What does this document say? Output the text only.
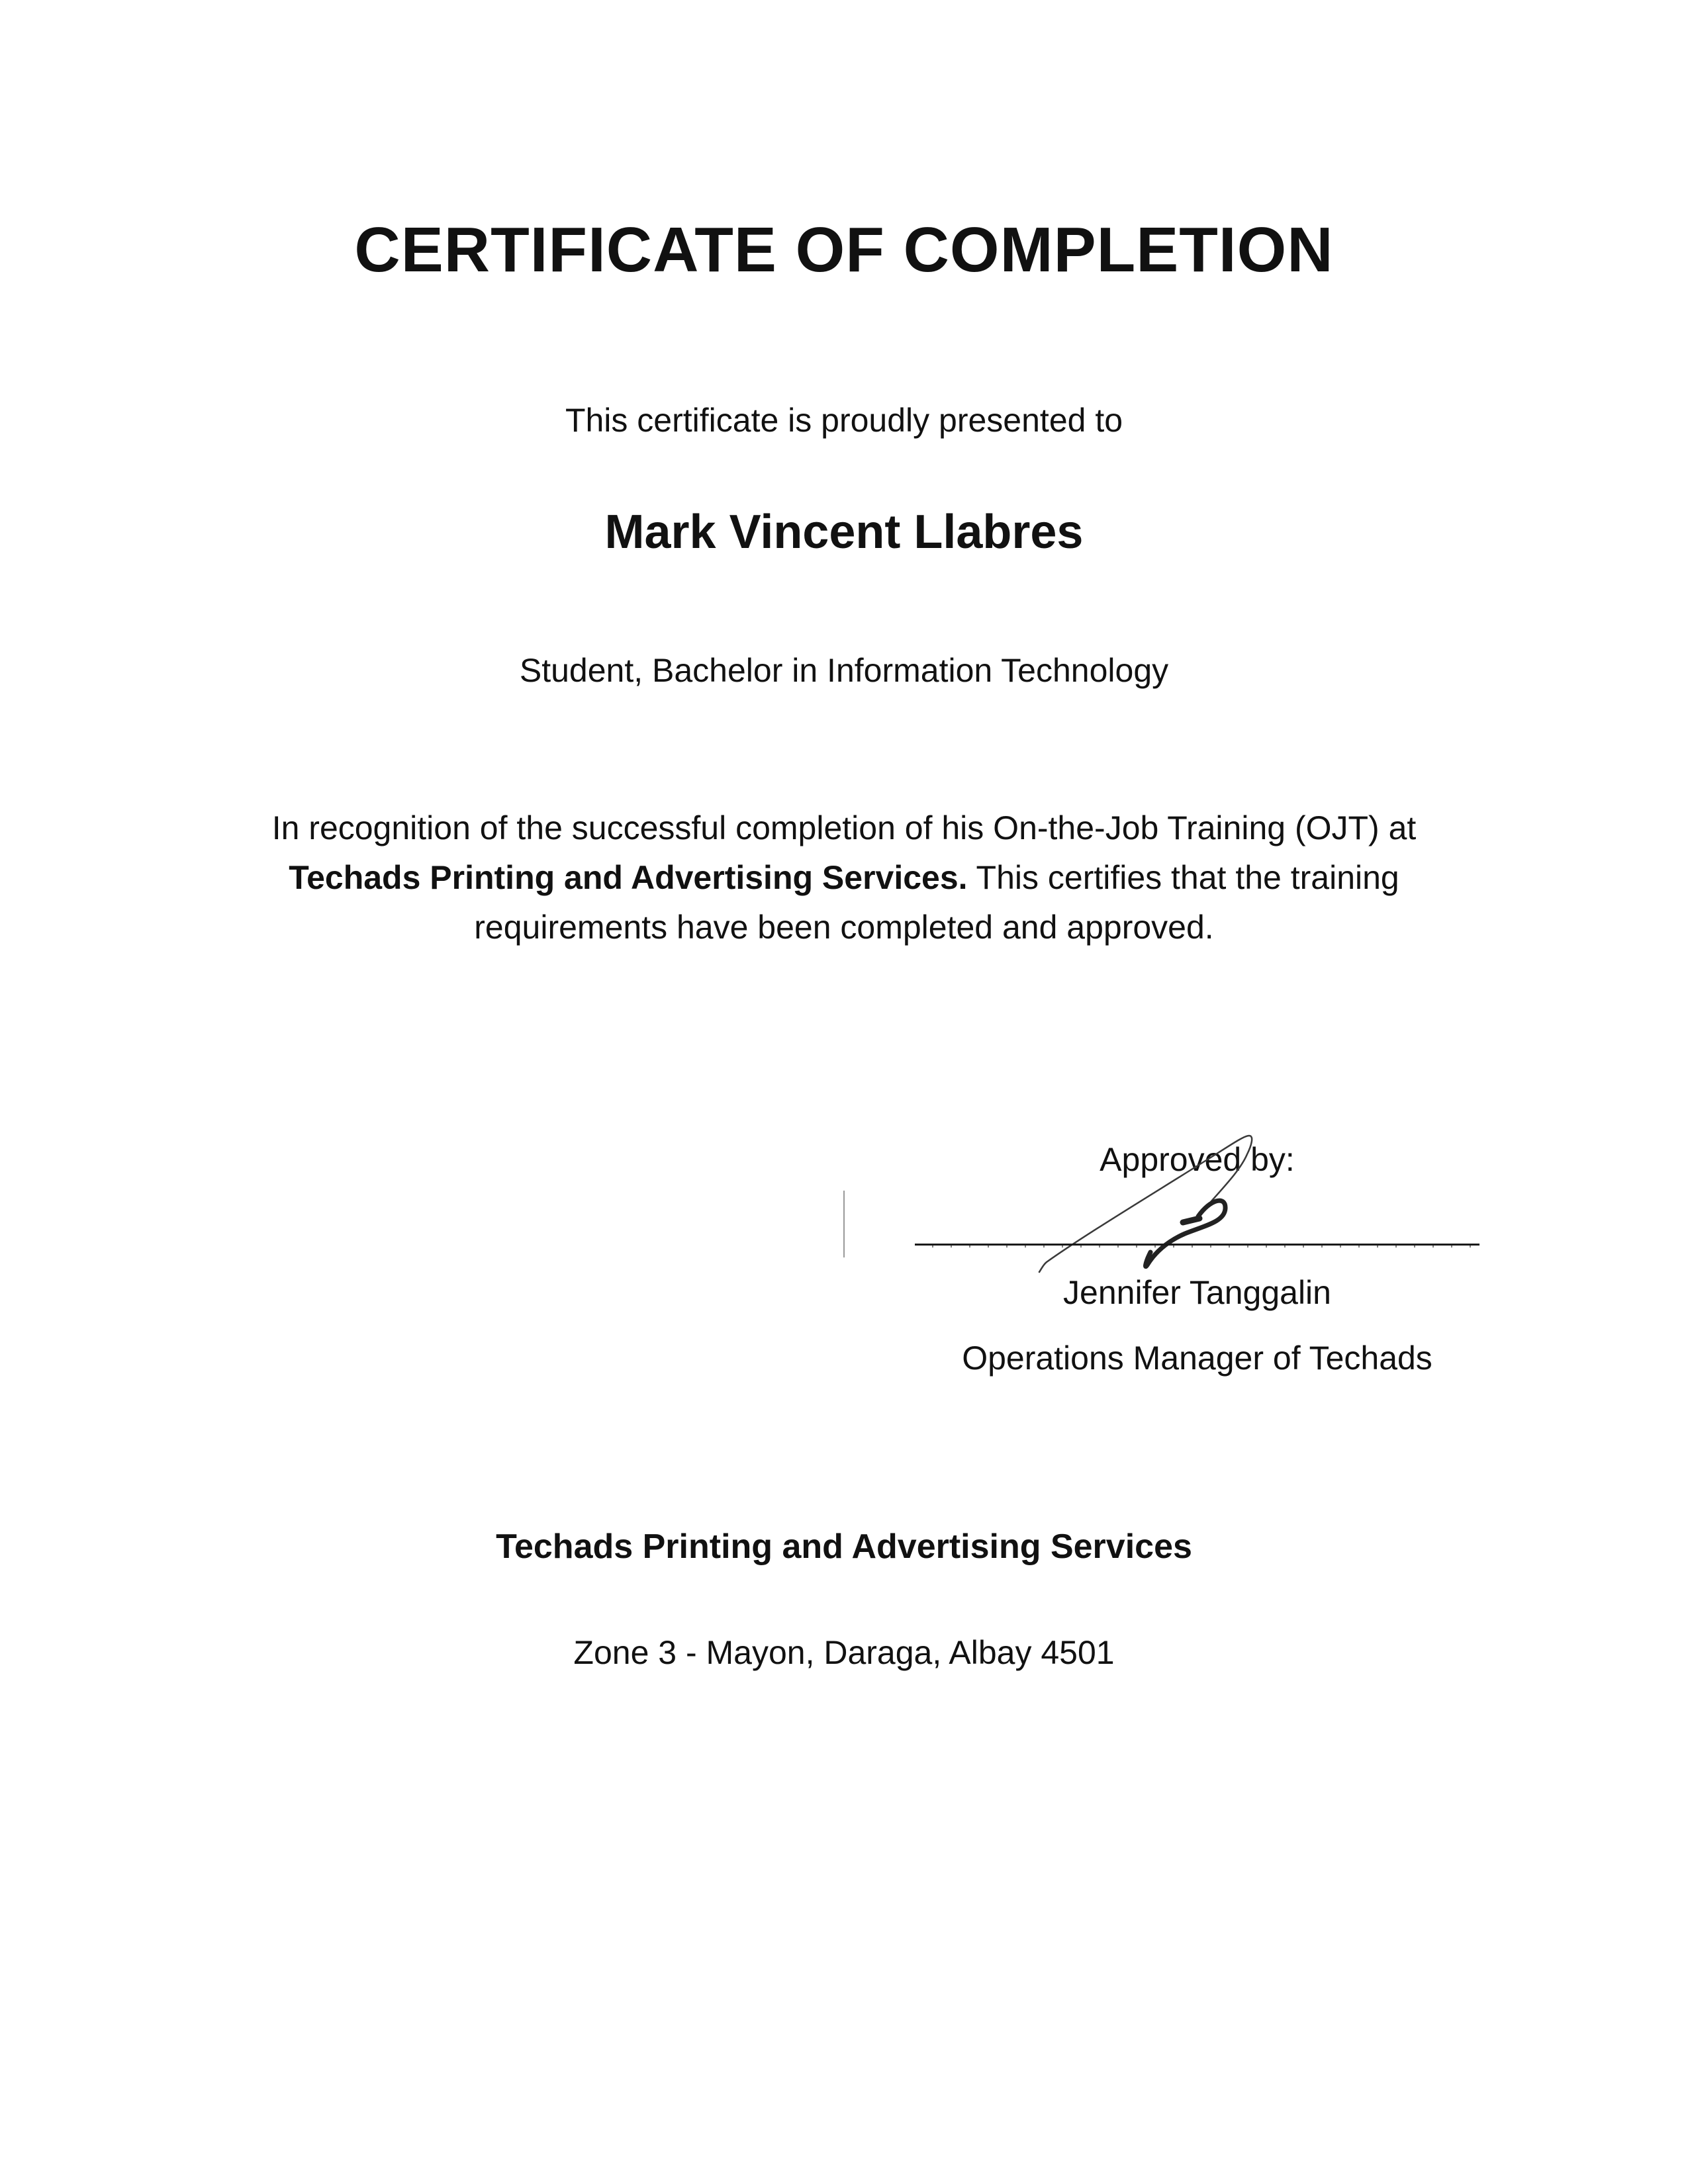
CERTIFICATE OF COMPLETION
This certificate is proudly presented to
Mark Vincent Llabres
Student, Bachelor in Information Technology
In recognition of the successful completion of his On-the-Job Training (OJT) at
Techads Printing and Advertising Services. This certifies that the training
requirements have been completed and approved.
Approved by:
Jennifer Tanggalin
Operations Manager of Techads
Techads Printing and Advertising Services
Zone 3 - Mayon, Daraga, Albay 4501
